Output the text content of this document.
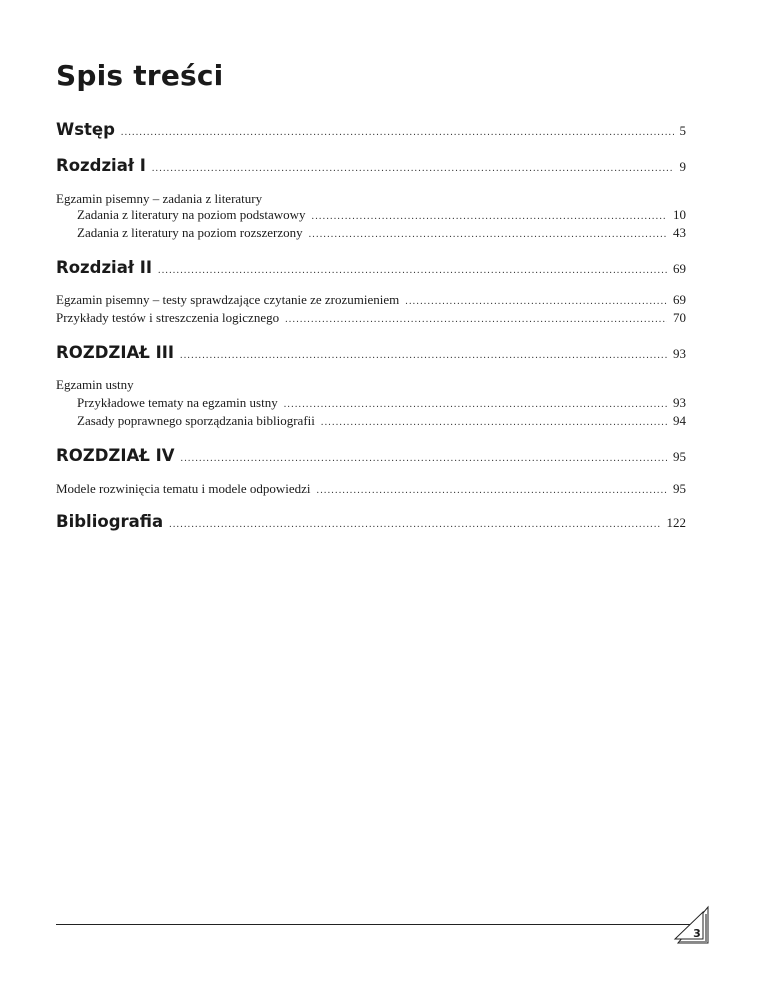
Spis treści
Wstęp .....	5
Rozdział I .....	9
Egzamin pisemny – zadania z literatury
Zadania z literatury na poziom podstawowy .....	10
Zadania z literatury na poziom rozszerzony .....	43
Rozdział II .....	69
Egzamin pisemny – testy sprawdzające czytanie ze zrozumieniem .....	69
Przykłady testów i streszczenia logicznego .....	70
ROZDZIAŁ III .....	93
Egzamin ustny
Przykładowe tematy na egzamin ustny .....	93
Zasady poprawnego sporządzania bibliografii .....	94
ROZDZIAŁ IV .....	95
Modele rozwinięcia tematu i modele odpowiedzi .....	95
Bibliografia .....	122
3
